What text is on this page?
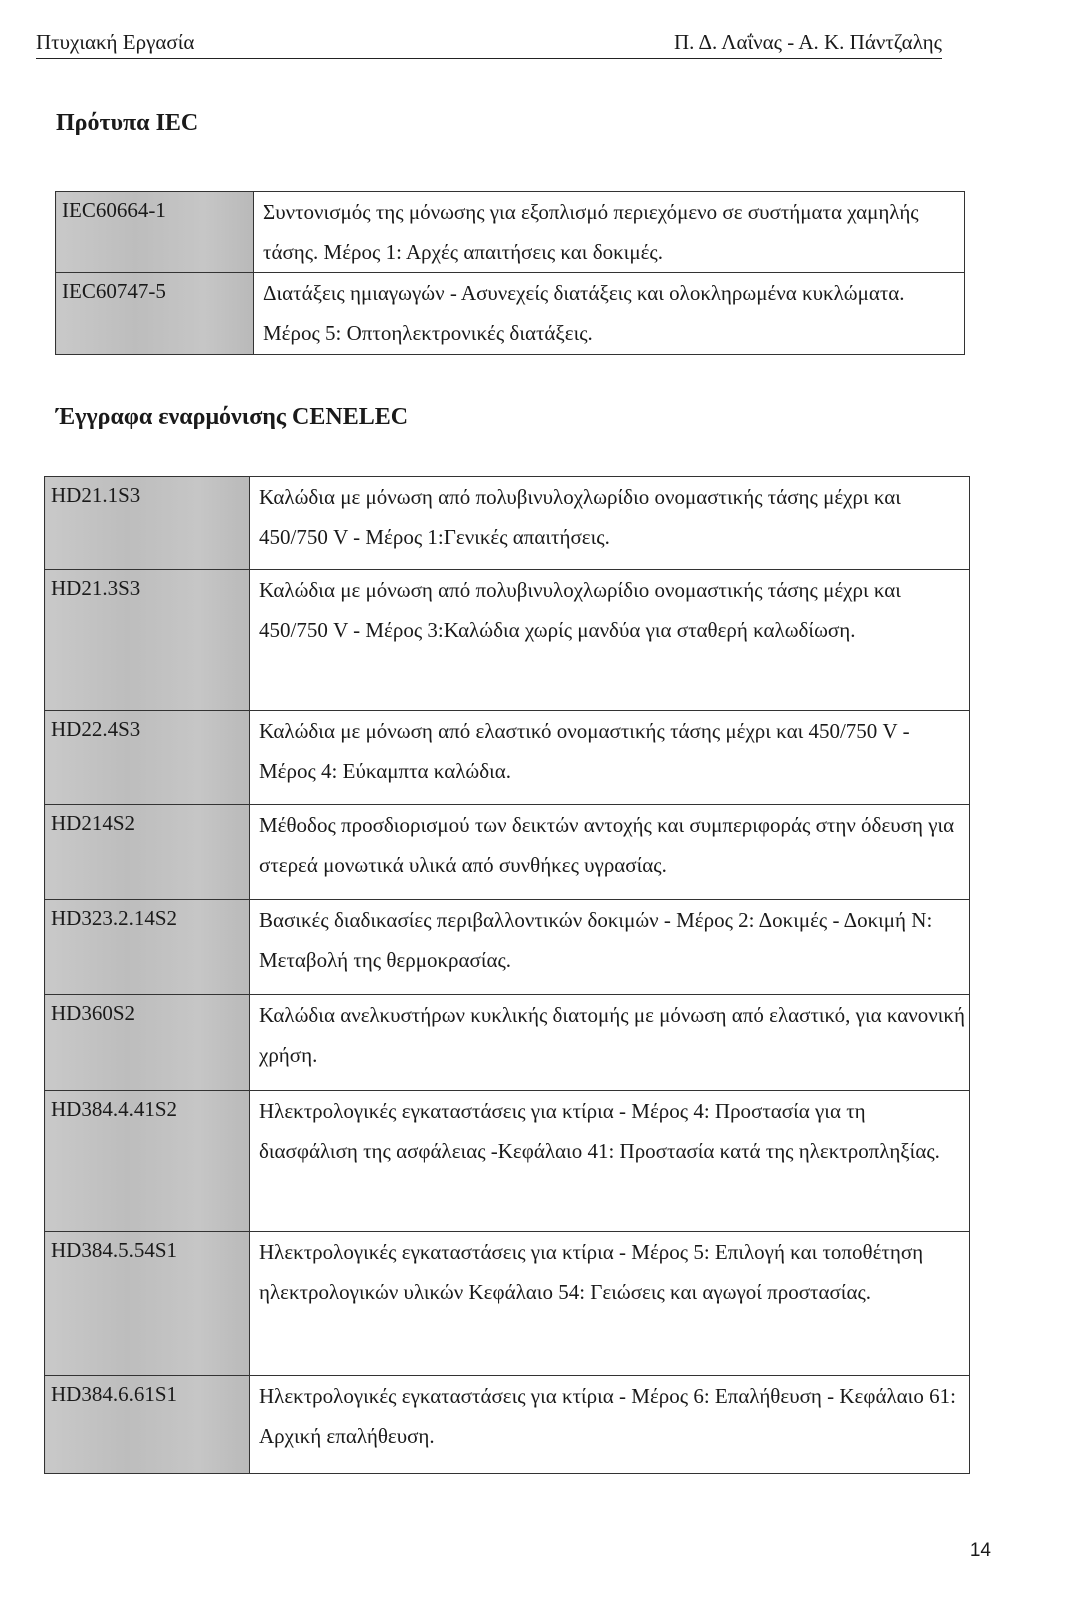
Πτυχιακή Εργασία	Π. Δ. Λαΐνας - Α. Κ. Πάντζαλης
Πρότυπα IEC
IEC60664-1	Συντονισμός της μόνωσης για εξοπλισμό περιεχόμενο σε συστήματα χαμηλής τάσης. Μέρος 1: Αρχές απαιτήσεις και δοκιμές.
IEC60747-5	Διατάξεις ημιαγωγών - Ασυνεχείς διατάξεις και ολοκληρωμένα κυκλώματα. Μέρος 5: Οπτοηλεκτρονικές διατάξεις.
Έγγραφα εναρμόνισης CENELEC
HD21.1S3	Καλώδια με μόνωση από πολυβινυλοχλωρίδιο ονομαστικής τάσης μέχρι και 450/750 V - Μέρος 1:Γενικές απαιτήσεις.
HD21.3S3	Καλώδια με μόνωση από πολυβινυλοχλωρίδιο ονομαστικής τάσης μέχρι και 450/750 V - Μέρος 3:Καλώδια χωρίς μανδύα για σταθερή καλωδίωση.
HD22.4S3	Καλώδια με μόνωση από ελαστικό ονομαστικής τάσης μέχρι και 450/750 V - Μέρος 4: Εύκαμπτα καλώδια.
HD214S2	Μέθοδος προσδιορισμού των δεικτών αντοχής και συμπεριφοράς στην όδευση για στερεά μονωτικά υλικά από συνθήκες υγρασίας.
HD323.2.14S2	Βασικές διαδικασίες περιβαλλοντικών δοκιμών - Μέρος 2: Δοκιμές - Δοκιμή N: Μεταβολή της θερμοκρασίας.
HD360S2	Καλώδια ανελκυστήρων κυκλικής διατομής με μόνωση από ελαστικό, για κανονική χρήση.
HD384.4.41S2	Ηλεκτρολογικές εγκαταστάσεις για κτίρια - Μέρος 4: Προστασία για τη διασφάλιση της ασφάλειας -Κεφάλαιο 41: Προστασία κατά της ηλεκτροπληξίας.
HD384.5.54S1	Ηλεκτρολογικές εγκαταστάσεις για κτίρια - Μέρος 5: Επιλογή και τοποθέτηση ηλεκτρολογικών υλικών Κεφάλαιο 54: Γειώσεις και αγωγοί προστασίας.
HD384.6.61S1	Ηλεκτρολογικές εγκαταστάσεις για κτίρια - Μέρος 6: Επαλήθευση - Κεφάλαιο 61: Αρχική επαλήθευση.
14
